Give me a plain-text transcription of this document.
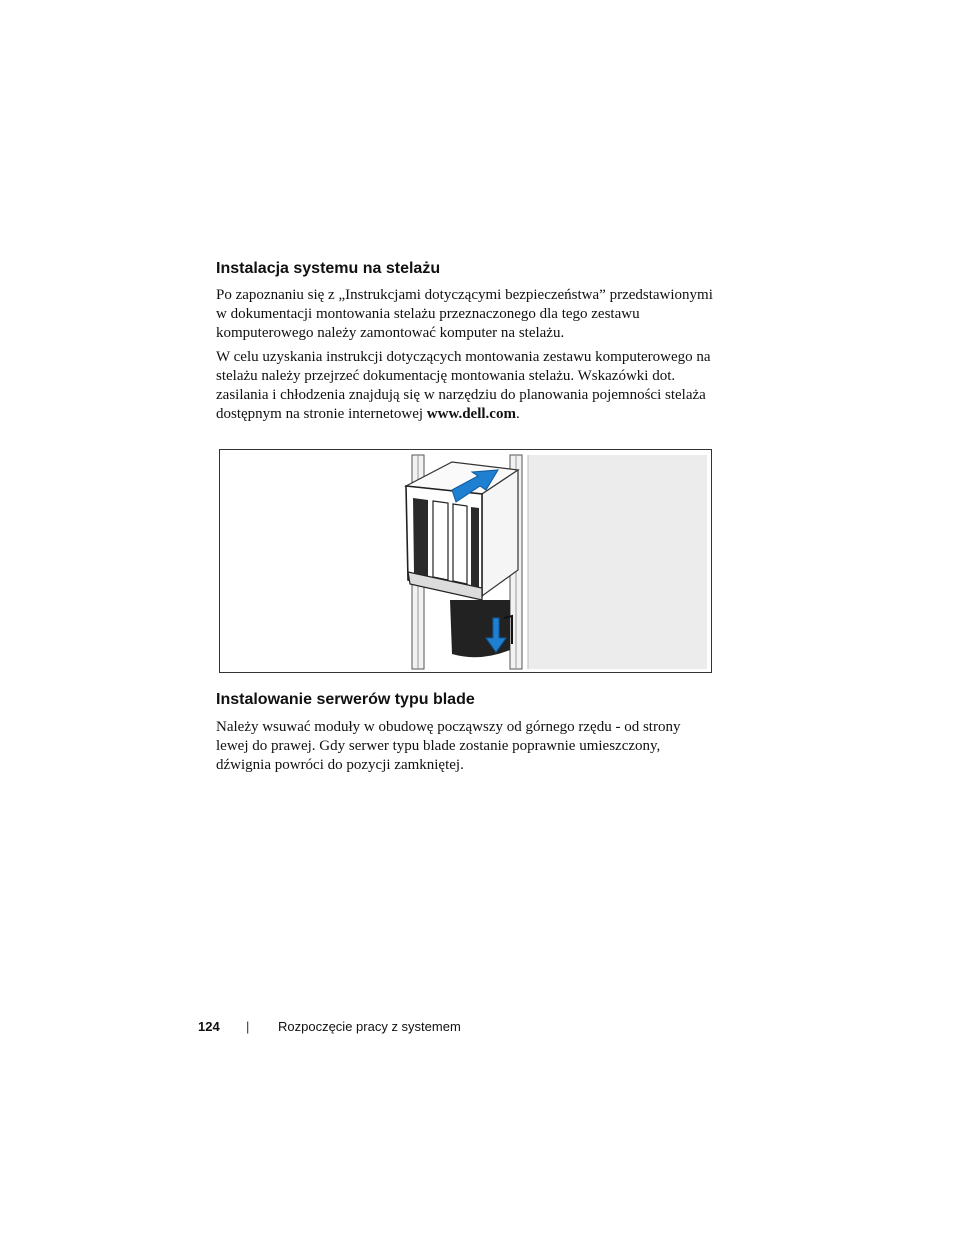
Instalacja systemu na stelażu

Po zapoznaniu się z „Instrukcjami dotyczącymi bezpieczeństwa” przedstawionymi w dokumentacji montowania stelażu przeznaczonego dla tego zestawu komputerowego należy zamontować komputer na stelażu.

W celu uzyskania instrukcji dotyczących montowania zestawu komputerowego na stelażu należy przejrzeć dokumentację montowania stelażu. Wskazówki dot. zasilania i chłodzenia znajdują się w narzędziu do planowania pojemności stelaża dostępnym na stronie internetowej www.dell.com.

Instalowanie serwerów typu blade

Należy wsuwać moduły w obudowę począwszy od górnego rzędu - od strony lewej do prawej. Gdy serwer typu blade zostanie poprawnie umieszczony, dźwignia powróci do pozycji zamkniętej.

124 | Rozpoczęcie pracy z systemem
